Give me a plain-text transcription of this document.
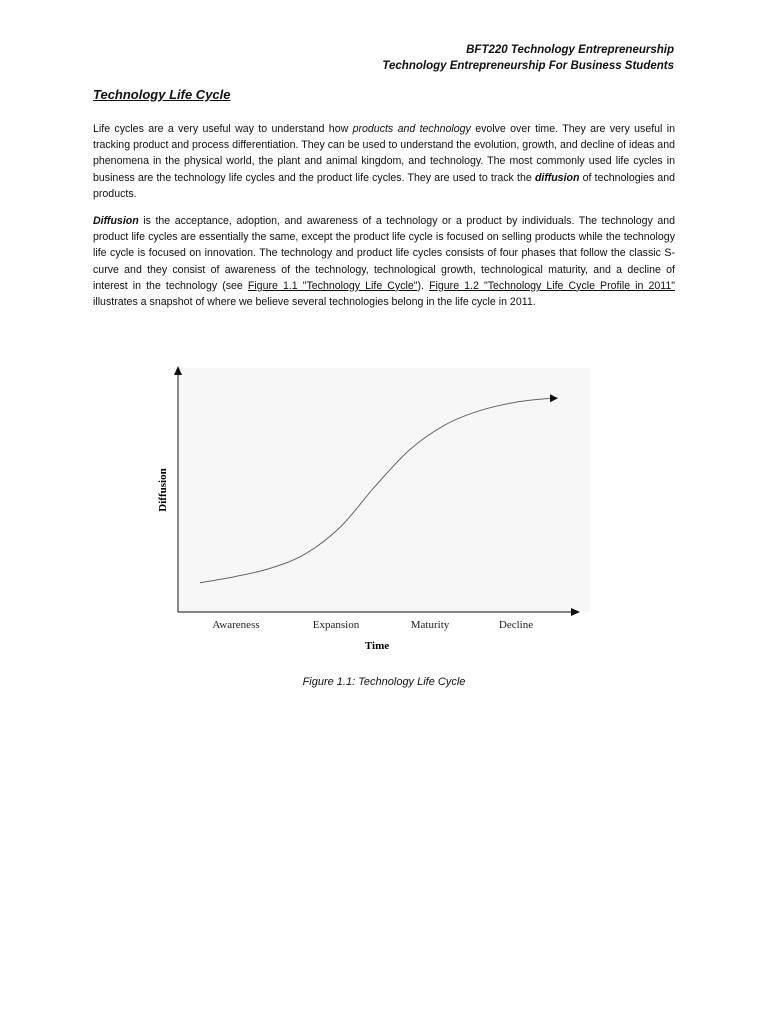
BFT220 Technology Entrepreneurship
Technology Entrepreneurship For Business Students
Technology Life Cycle

Life cycles are a very useful way to understand how products and technology evolve over time. They are very useful in tracking product and process differentiation. They can be used to understand the evolution, growth, and decline of ideas and phenomena in the physical world, the plant and animal kingdom, and technology. The most commonly used life cycles in business are the technology life cycles and the product life cycles. They are used to track the diffusion of technologies and products.

Diffusion is the acceptance, adoption, and awareness of a technology or a product by individuals. The technology and product life cycles are essentially the same, except the product life cycle is focused on selling products while the technology life cycle is focused on innovation. The technology and product life cycles consists of four phases that follow the classic S-curve and they consist of awareness of the technology, technological growth, technological maturity, and a decline of interest in the technology (see Figure 1.1 "Technology Life Cycle"). Figure 1.2 "Technology Life Cycle Profile in 2011" illustrates a snapshot of where we believe several technologies belong in the life cycle in 2011.

Awareness	Expansion	Maturity	Decline
Diffusion
Time
Figure 1.1: Technology Life Cycle
